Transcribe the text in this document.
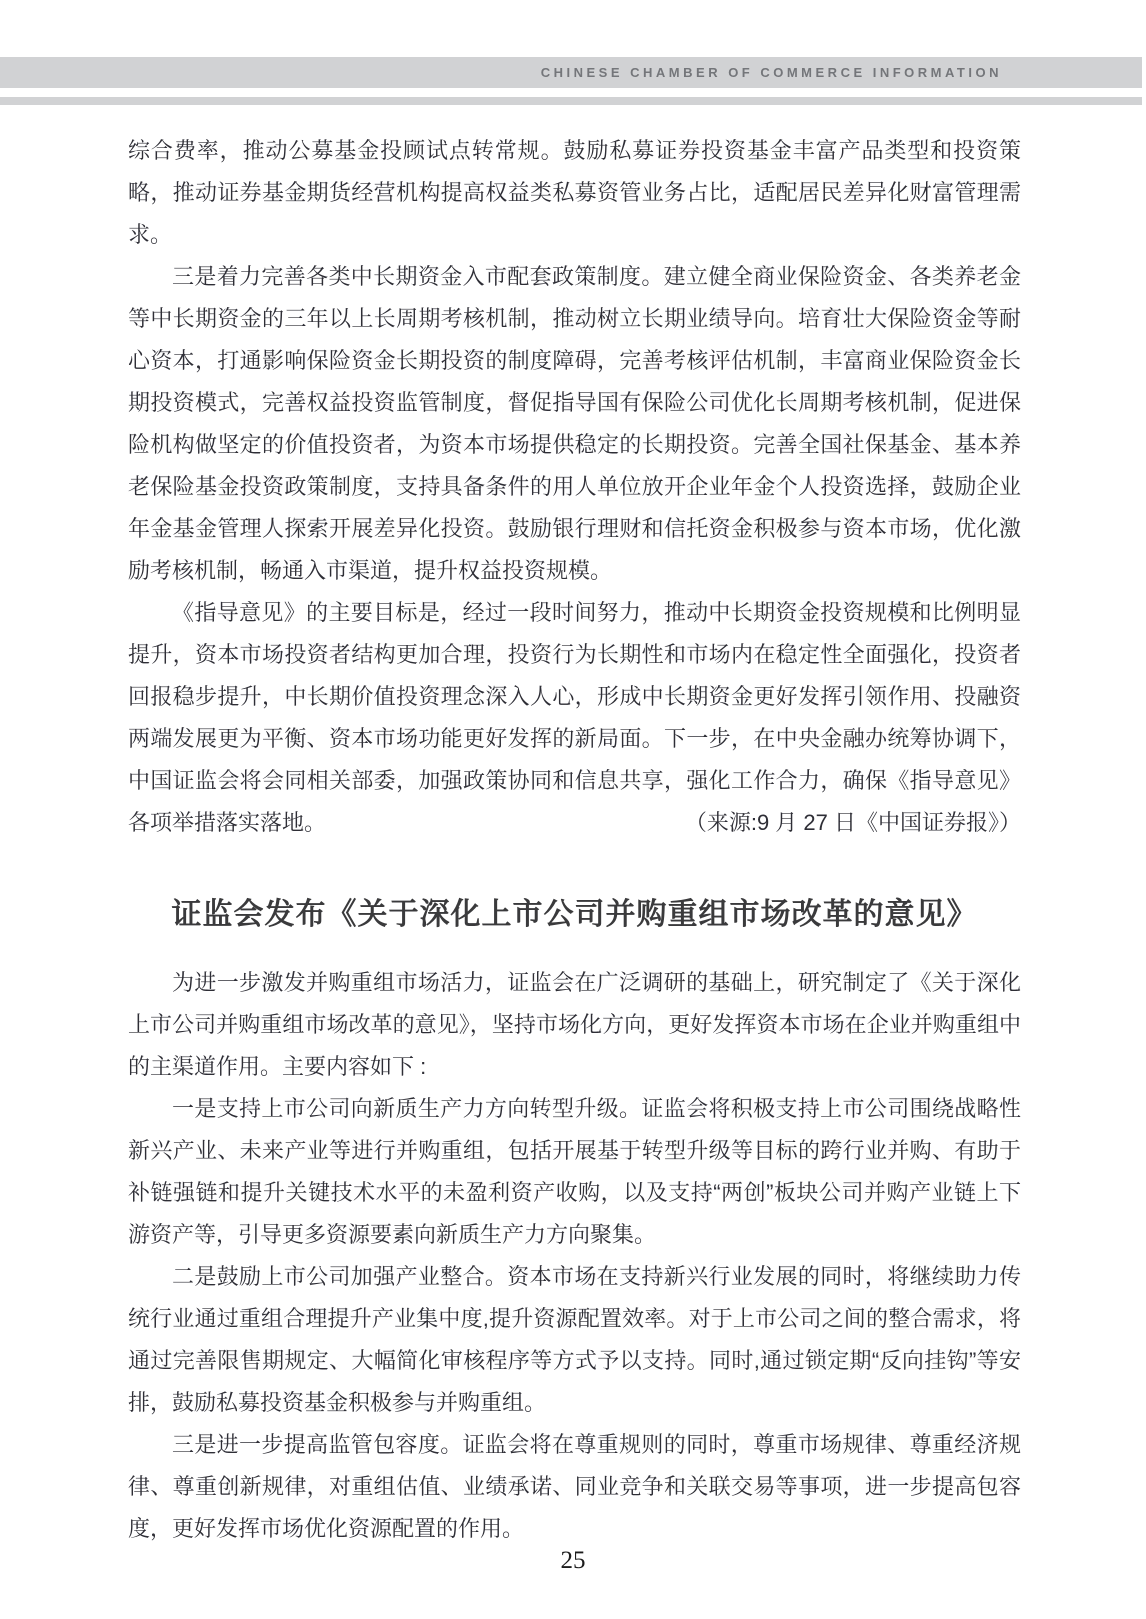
CHINESE CHAMBER OF COMMERCE INFORMATION

综合费率，推动公募基金投顾试点转常规。鼓励私募证券投资基金丰富产品类型和投资策略，推动证券基金期货经营机构提高权益类私募资管业务占比，适配居民差异化财富管理需求。

三是着力完善各类中长期资金入市配套政策制度。建立健全商业保险资金、各类养老金等中长期资金的三年以上长周期考核机制，推动树立长期业绩导向。培育壮大保险资金等耐心资本，打通影响保险资金长期投资的制度障碍，完善考核评估机制，丰富商业保险资金长期投资模式，完善权益投资监管制度，督促指导国有保险公司优化长周期考核机制，促进保险机构做坚定的价值投资者，为资本市场提供稳定的长期投资。完善全国社保基金、基本养老保险基金投资政策制度，支持具备条件的用人单位放开企业年金个人投资选择，鼓励企业年金基金管理人探索开展差异化投资。鼓励银行理财和信托资金积极参与资本市场，优化激励考核机制，畅通入市渠道，提升权益投资规模。

《指导意见》的主要目标是，经过一段时间努力，推动中长期资金投资规模和比例明显提升，资本市场投资者结构更加合理，投资行为长期性和市场内在稳定性全面强化，投资者回报稳步提升，中长期价值投资理念深入人心，形成中长期资金更好发挥引领作用、投融资两端发展更为平衡、资本市场功能更好发挥的新局面。下一步，在中央金融办统筹协调下，中国证监会将会同相关部委，加强政策协同和信息共享，强化工作合力，确保《指导意见》各项举措落实落地。	（来源:9 月 27 日《中国证券报》）

证监会发布《关于深化上市公司并购重组市场改革的意见》

为进一步激发并购重组市场活力，证监会在广泛调研的基础上，研究制定了《关于深化上市公司并购重组市场改革的意见》，坚持市场化方向，更好发挥资本市场在企业并购重组中的主渠道作用。主要内容如下 :

一是支持上市公司向新质生产力方向转型升级。证监会将积极支持上市公司围绕战略性新兴产业、未来产业等进行并购重组，包括开展基于转型升级等目标的跨行业并购、有助于补链强链和提升关键技术水平的未盈利资产收购，以及支持“两创”板块公司并购产业链上下游资产等，引导更多资源要素向新质生产力方向聚集。

二是鼓励上市公司加强产业整合。资本市场在支持新兴行业发展的同时，将继续助力传统行业通过重组合理提升产业集中度,提升资源配置效率。对于上市公司之间的整合需求，将通过完善限售期规定、大幅简化审核程序等方式予以支持。同时,通过锁定期“反向挂钩”等安排，鼓励私募投资基金积极参与并购重组。

三是进一步提高监管包容度。证监会将在尊重规则的同时，尊重市场规律、尊重经济规律、尊重创新规律，对重组估值、业绩承诺、同业竞争和关联交易等事项，进一步提高包容度，更好发挥市场优化资源配置的作用。

25
